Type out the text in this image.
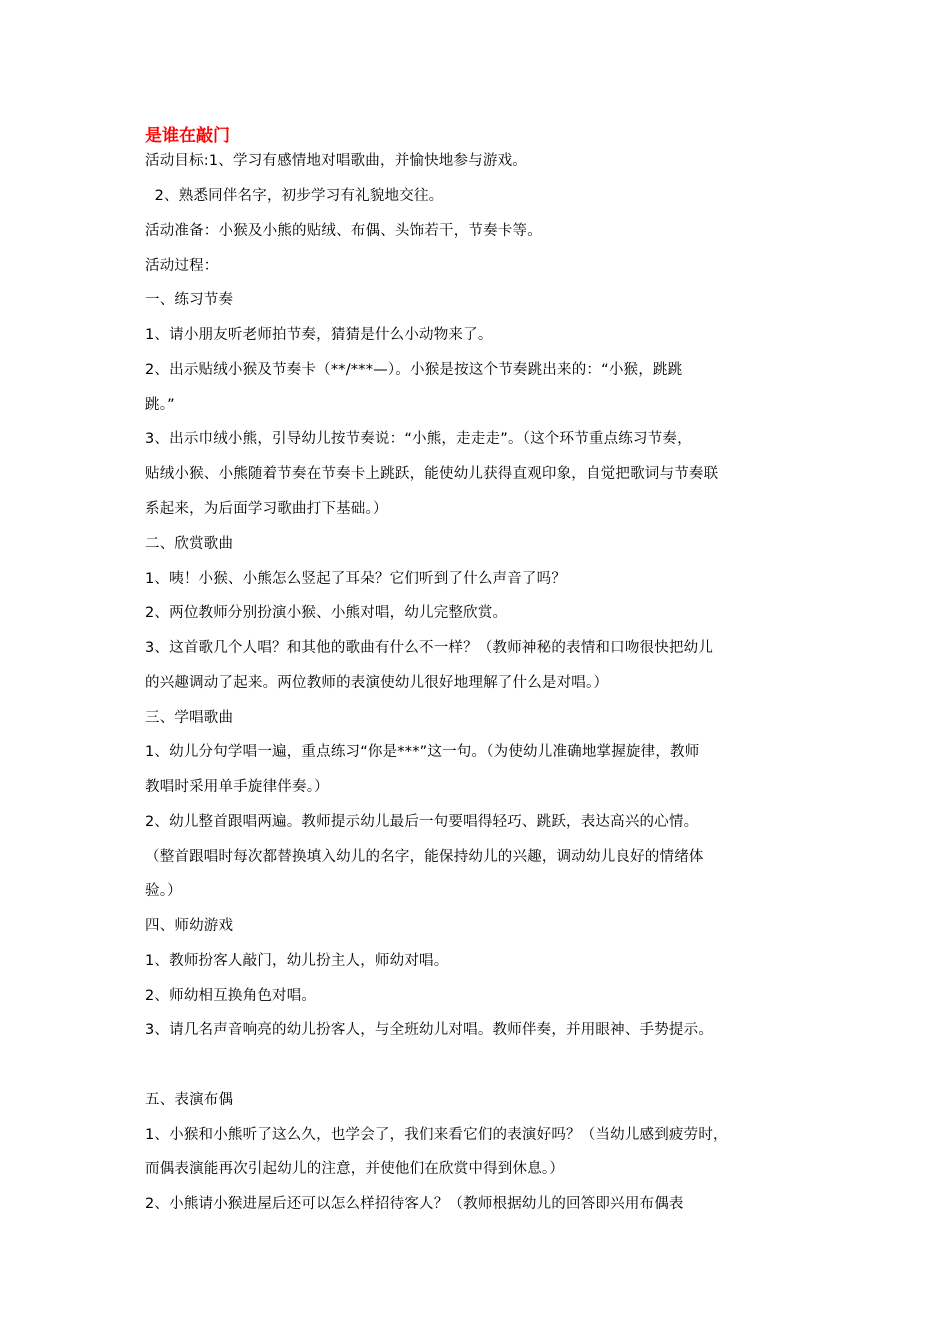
是谁在敲门
活动目标:1、学习有感情地对唱歌曲，并愉快地参与游戏。
2、熟悉同伴名字，初步学习有礼貌地交往。
活动准备：小猴及小熊的贴绒、布偶、头饰若干，节奏卡等。
活动过程：
一、练习节奏
1、请小朋友听老师拍节奏，猜猜是什么小动物来了。
2、出示贴绒小猴及节奏卡（**/***—）。小猴是按这个节奏跳出来的：“小猴，跳跳
跳。”
3、出示巾绒小熊，引导幼儿按节奏说：“小熊，走走走”。（这个环节重点练习节奏，
贴绒小猴、小熊随着节奏在节奏卡上跳跃，能使幼儿获得直观印象，自觉把歌词与节奏联
系起来，为后面学习歌曲打下基础。）
二、欣赏歌曲
1、咦！小猴、小熊怎么竖起了耳朵？它们听到了什么声音了吗？
2、两位教师分别扮演小猴、小熊对唱，幼儿完整欣赏。
3、这首歌几个人唱？和其他的歌曲有什么不一样？（教师神秘的表情和口吻很快把幼儿
的兴趣调动了起来。两位教师的表演使幼儿很好地理解了什么是对唱。）
三、学唱歌曲
1、幼儿分句学唱一遍，重点练习“你是***”这一句。（为使幼儿准确地掌握旋律，教师
教唱时采用单手旋律伴奏。）
2、幼儿整首跟唱两遍。教师提示幼儿最后一句要唱得轻巧、跳跃，表达高兴的心情。
（整首跟唱时每次都替换填入幼儿的名字，能保持幼儿的兴趣，调动幼儿良好的情绪体
验。）
四、师幼游戏
1、教师扮客人敲门，幼儿扮主人，师幼对唱。
2、师幼相互换角色对唱。
3、请几名声音响亮的幼儿扮客人，与全班幼儿对唱。教师伴奏，并用眼神、手势提示。
五、表演布偶
1、小猴和小熊听了这么久，也学会了，我们来看它们的表演好吗？（当幼儿感到疲劳时，
而偶表演能再次引起幼儿的注意，并使他们在欣赏中得到休息。）
2、小熊请小猴进屋后还可以怎么样招待客人？（教师根据幼儿的回答即兴用布偶表
